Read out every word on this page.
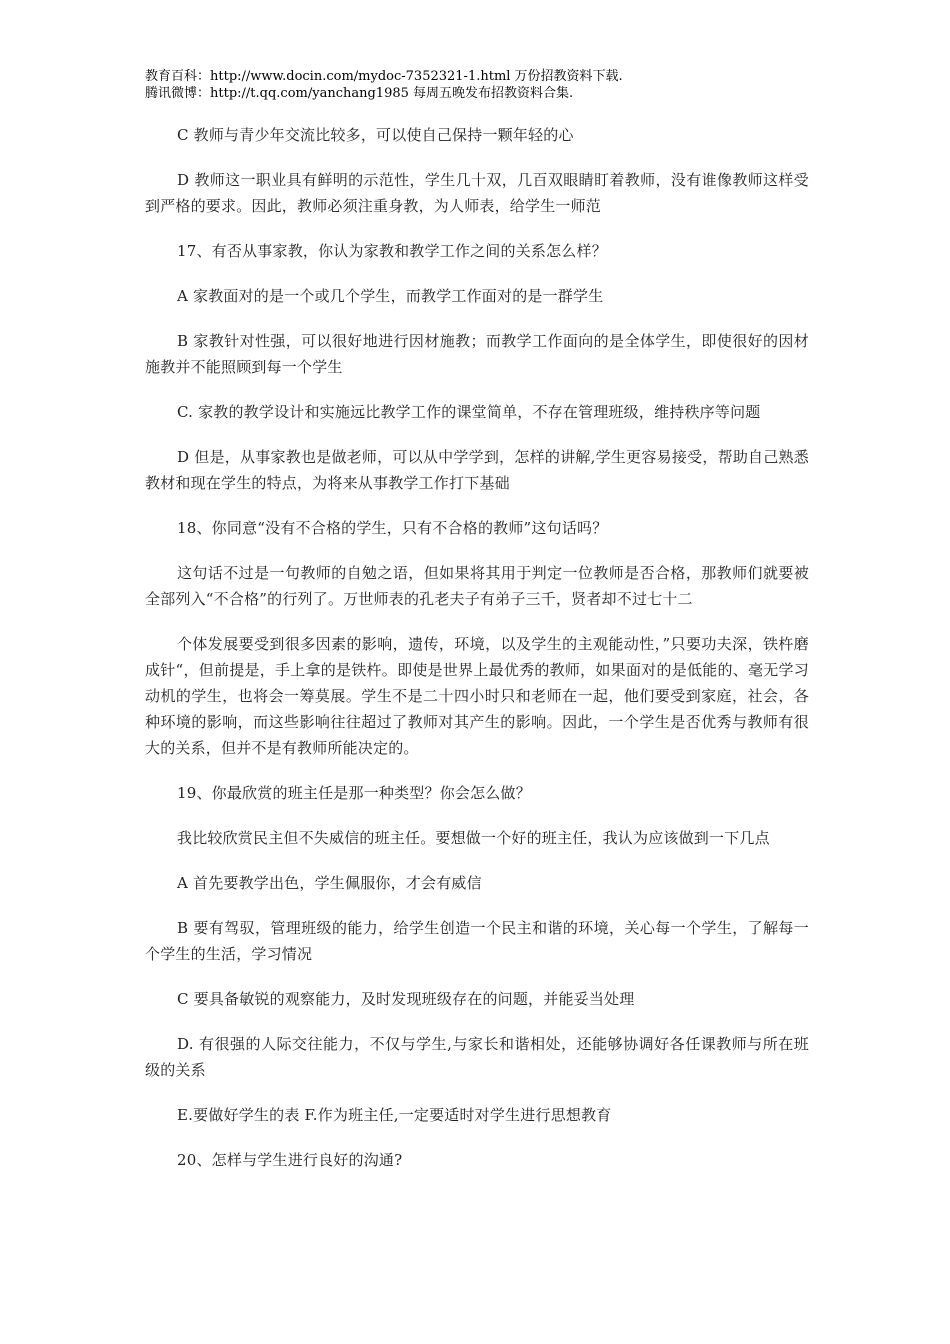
教育百科：http://www.docin.com/mydoc-7352321-1.html 万份招教资料下载.
腾讯微博：http://t.qq.com/yanchang1985 每周五晚发布招教资料合集.

C 教师与青少年交流比较多，可以使自己保持一颗年轻的心

D 教师这一职业具有鲜明的示范性，学生几十双，几百双眼睛盯着教师，没有谁像教师这样受到严格的要求。因此，教师必须注重身教，为人师表，给学生一师范

17、有否从事家教，你认为家教和教学工作之间的关系怎么样？

A 家教面对的是一个或几个学生，而教学工作面对的是一群学生

B 家教针对性强，可以很好地进行因材施教；而教学工作面向的是全体学生，即使很好的因材施教并不能照顾到每一个学生

C. 家教的教学设计和实施远比教学工作的课堂简单，不存在管理班级，维持秩序等问题

D 但是，从事家教也是做老师，可以从中学学到，怎样的讲解,学生更容易接受，帮助自己熟悉教材和现在学生的特点，为将来从事教学工作打下基础

18、你同意“没有不合格的学生，只有不合格的教师”这句话吗？

这句话不过是一句教师的自勉之语，但如果将其用于判定一位教师是否合格，那教师们就要被全部列入“不合格”的行列了。万世师表的孔老夫子有弟子三千，贤者却不过七十二

个体发展要受到很多因素的影响，遗传，环境，以及学生的主观能动性，”只要功夫深，铁杵磨成针“，但前提是，手上拿的是铁杵。即使是世界上最优秀的教师，如果面对的是低能的、毫无学习动机的学生，也将会一筹莫展。学生不是二十四小时只和老师在一起，他们要受到家庭，社会，各种环境的影响，而这些影响往往超过了教师对其产生的影响。因此，一个学生是否优秀与教师有很大的关系，但并不是有教师所能决定的。

19、你最欣赏的班主任是那一种类型？你会怎么做？

我比较欣赏民主但不失威信的班主任。要想做一个好的班主任，我认为应该做到一下几点

A 首先要教学出色，学生佩服你，才会有威信

B 要有驾驭，管理班级的能力，给学生创造一个民主和谐的环境，关心每一个学生，了解每一个学生的生活，学习情况

C 要具备敏锐的观察能力，及时发现班级存在的问题，并能妥当处理

D. 有很强的人际交往能力，不仅与学生,与家长和谐相处，还能够协调好各任课教师与所在班级的关系

E.要做好学生的表 F.作为班主任,一定要适时对学生进行思想教育

20、怎样与学生进行良好的沟通?
